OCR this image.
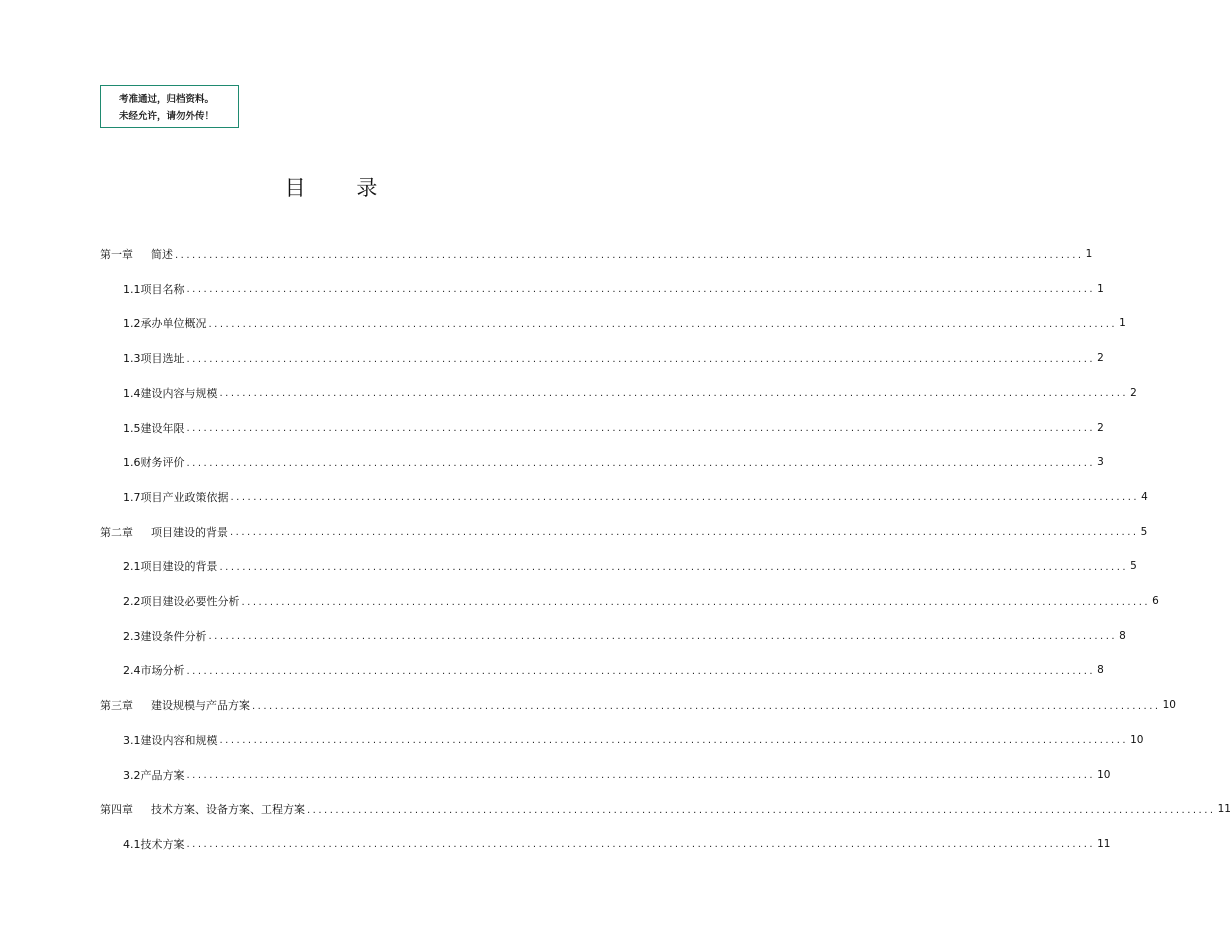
考准通过，归档资料。
未经允许，请勿外传！
目 录
第一章 简述 ................................................................................................................................................................ 1
1.1项目名称 ................................................................................................................................................................ 1
1.2承办单位概况 ................................................................................................................................................................ 1
1.3项目选址 ................................................................................................................................................................ 2
1.4建设内容与规模 ................................................................................................................................................................ 2
1.5建设年限 ................................................................................................................................................................ 2
1.6财务评价 ................................................................................................................................................................ 3
1.7项目产业政策依据 ................................................................................................................................................................ 4
第二章 项目建设的背景 ................................................................................................................................................................ 5
2.1项目建设的背景 ................................................................................................................................................................ 5
2.2项目建设必要性分析 ................................................................................................................................................................ 6
2.3建设条件分析 ................................................................................................................................................................ 8
2.4市场分析 ................................................................................................................................................................ 8
第三章 建设规模与产品方案 ................................................................................................................................................................ 10
3.1建设内容和规模 ................................................................................................................................................................ 10
3.2产品方案 ................................................................................................................................................................ 10
第四章 技术方案、设备方案、工程方案 ................................................................................................................................................................ 11
4.1技术方案 ................................................................................................................................................................ 11
